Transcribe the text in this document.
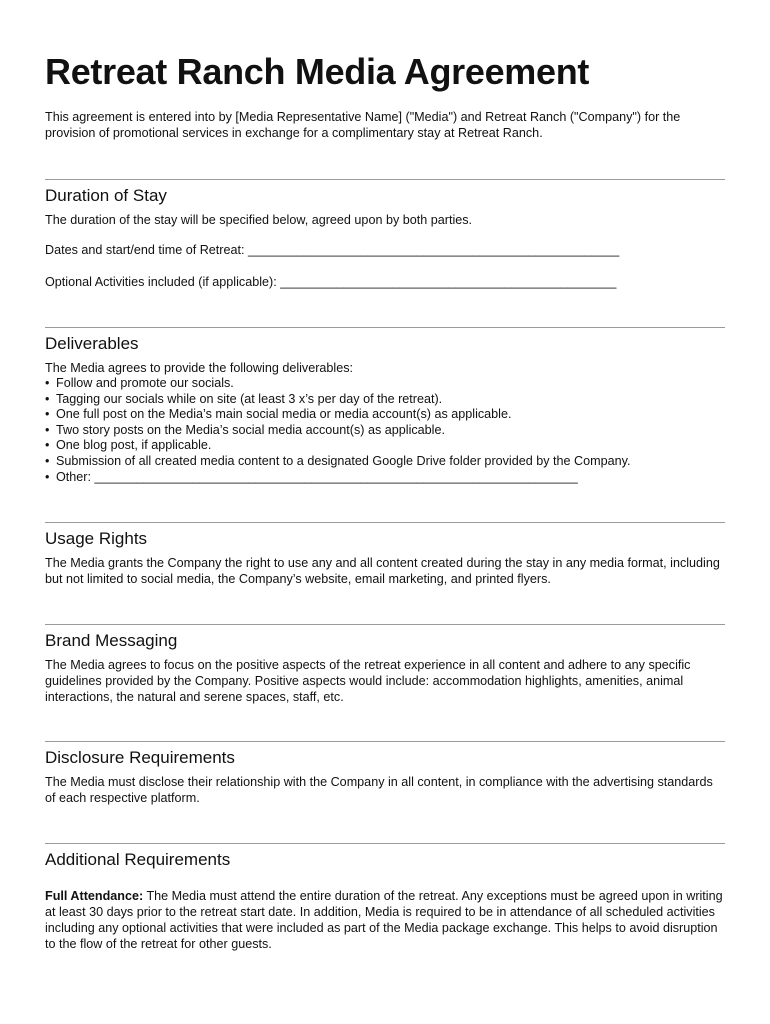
Retreat Ranch Media Agreement

This agreement is entered into by [Media Representative Name] ("Media") and Retreat Ranch ("Company") for the provision of promotional services in exchange for a complimentary stay at Retreat Ranch.

Duration of Stay

The duration of the stay will be specified below, agreed upon by both parties.

Dates and start/end time of Retreat: _____________________________________________________

Optional Activities included (if applicable): ________________________________________________

Deliverables

The Media agrees to provide the following deliverables:

• Follow and promote our socials.
• Tagging our socials while on site (at least 3 x’s per day of the retreat).
• One full post on the Media’s main social media or media account(s) as applicable.
• Two story posts on the Media’s social media account(s) as applicable.
• One blog post, if applicable.
• Submission of all created media content to a designated Google Drive folder provided by the Company.
• Other: _____________________________________________________________________
Usage Rights

The Media grants the Company the right to use any and all content created during the stay in any media format, including but not limited to social media, the Company’s website, email marketing, and printed flyers.

Brand Messaging

The Media agrees to focus on the positive aspects of the retreat experience in all content and adhere to any specific guidelines provided by the Company. Positive aspects would include: accommodation highlights, amenities, animal interactions, the natural and serene spaces, staff, etc.

Disclosure Requirements

The Media must disclose their relationship with the Company in all content, in compliance with the advertising standards of each respective platform.

Additional Requirements

Full Attendance: The Media must attend the entire duration of the retreat. Any exceptions must be agreed upon in writing at least 30 days prior to the retreat start date. In addition, Media is required to be in attendance of all scheduled activities including any optional activities that were included as part of the Media package exchange. This helps to avoid disruption to the flow of the retreat for other guests.
